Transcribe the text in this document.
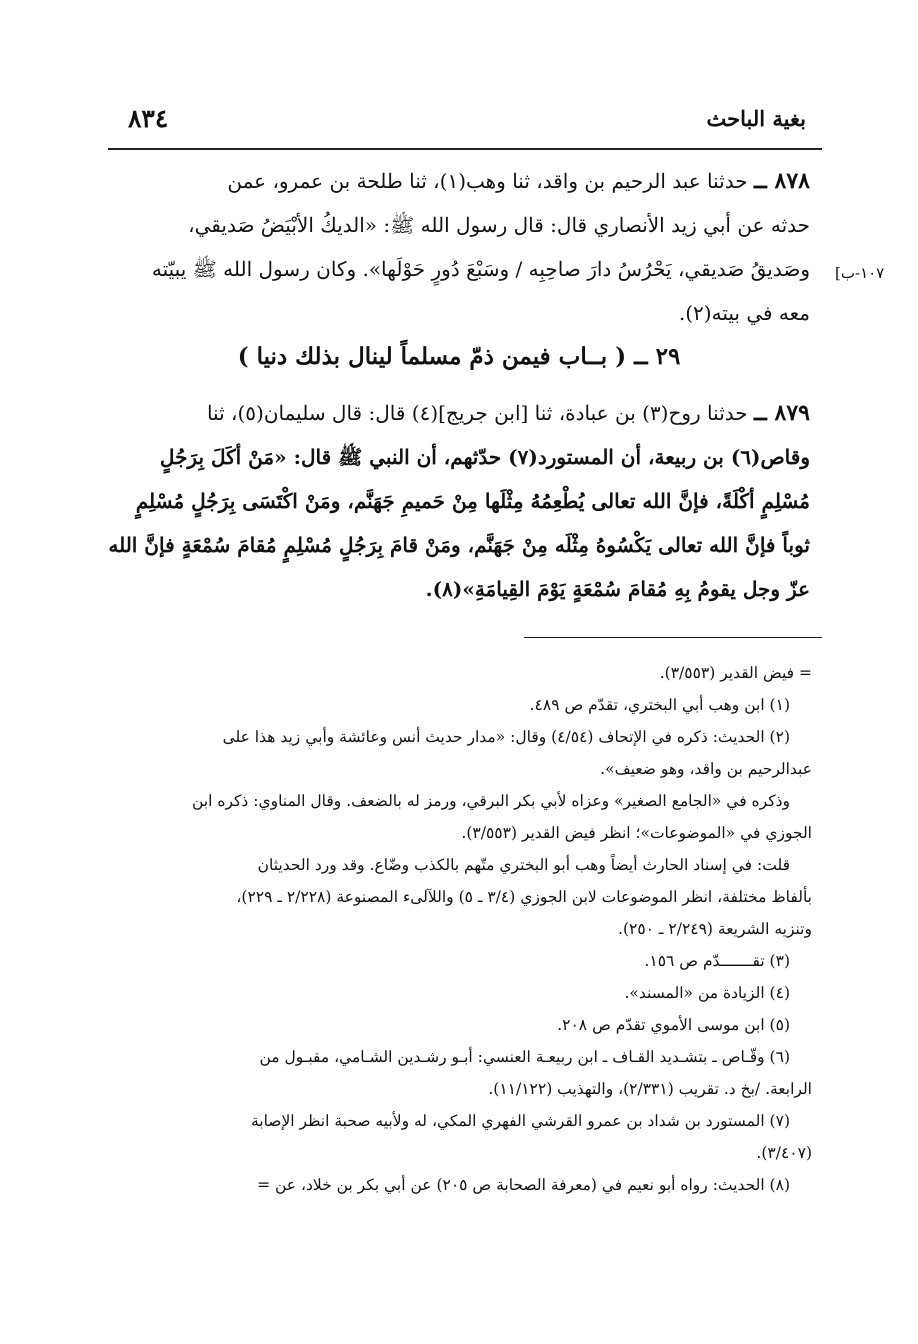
٨٣٤	بغية الباحث
[١٠٧-ب
٨٧٨ ــ حدثنا عبد الرحيم بن واقد، ثنا وهب(١)، ثنا طلحة بن عمرو، عمن
حدثه عن أبي زيد الأنصاري قال: قال رسول الله ﷺ: «الديكُ الأبْيَضُ صَديقي،
وصَديقُ صَديقي، يَحْرُسُ دارَ صاحِبِه / وسَبْعَ دُورٍ حَوْلَها». وكان رسول الله ﷺ يبيّته
معه في بيته(٢).
٢٩ ــ ( بــاب فيمن ذمّ مسلماً لينال بذلك دنيا )
٨٧٩ ــ حدثنا روح(٣) بن عبادة، ثنا [ابن جريج](٤) قال: قال سليمان(٥)، ثنا
وقاص(٦) بن ربيعة، أن المستورد(٧) حدّثهم، أن النبي ﷺ قال: «مَنْ أكَلَ بِرَجُلٍ
مُسْلِمٍ أكْلَةً، فإنَّ الله تعالى يُطْعِمُهُ مِثْلَها مِنْ حَميمِ جَهَنَّم، ومَنْ اكْتَسَى بِرَجُلٍ مُسْلِمٍ
ثوباً فإنَّ الله تعالى يَكْسُوهُ مِثْلَه مِنْ جَهَنَّم، ومَنْ قامَ بِرَجُلٍ مُسْلِمٍ مُقامَ سُمْعَةٍ فإنَّ الله
عزّ وجل يقومُ بِهِ مُقامَ سُمْعَةٍ يَوْمَ القِيامَةِ»(٨).
= فيض القدير (٣/٥٥٣).
(١) ابن وهب أبي البختري، تقدّم ص ٤٨٩.
(٢) الحديث: ذكره في الإتحاف (٤/٥٤) وقال: «مدار حديث أنس وعائشة وأبي زيد هذا على
عبدالرحيم بن واقد، وهو ضعيف».
وذكره في «الجامع الصغير» وعزاه لأبي بكر البرقي، ورمز له بالضعف. وقال المناوي: ذكره ابن
الجوزي في «الموضوعات»؛ انظر فيض القدير (٣/٥٥٣).
قلت: في إسناد الحارث أيضاً وهب أبو البختري متّهم بالكذب وضّاع. وقد ورد الحديثان
بألفاظ مختلفة، انظر الموضوعات لابن الجوزي (٣/٤ ـ ٥) واللآلىء المصنوعة (٢/٢٢٨ ـ ٢٢٩)،
وتنزيه الشريعة (٢/٢٤٩ ـ ٢٥٠).
(٣) تقـــــــدّم ص ١٥٦.
(٤) الزيادة من «المسند».
(٥) ابن موسى الأموي تقدّم ص ٢٠٨.
(٦) وقّـاص ـ بتشـديد القـاف ـ ابن ربيعـة العنسي: أبـو رشـدين الشـامي، مقبـول من
الرابعة. /بخ د. تقريب (٢/٣٣١)، والتهذيب (١١/١٢٢).
(٧) المستورد بن شداد بن عمرو القرشي الفهري المكي، له ولأبيه صحبة انظر الإصابة
(٣/٤٠٧).
(٨) الحديث: رواه أبو نعيم في (معرفة الصحابة ص ٢٠٥) عن أبي بكر بن خلاد، عن =
